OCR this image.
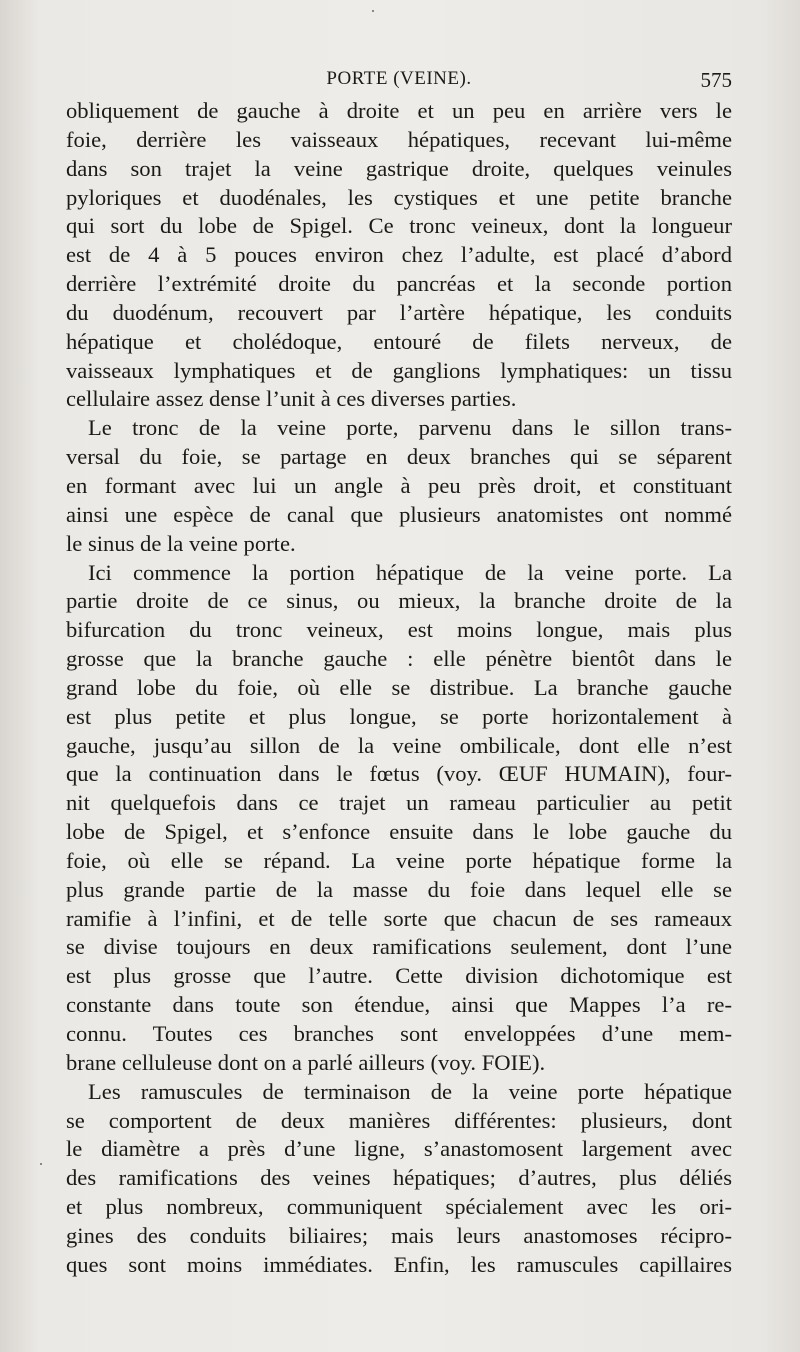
PORTE (VEINE).	575
obliquement de gauche à droite et un peu en arrière vers le
foie, derrière les vaisseaux hépatiques, recevant lui-même
dans son trajet la veine gastrique droite, quelques veinules
pyloriques et duodénales, les cystiques et une petite branche
qui sort du lobe de Spigel. Ce tronc veineux, dont la longueur
est de 4 à 5 pouces environ chez l’adulte, est placé d’abord
derrière l’extrémité droite du pancréas et la seconde portion
du duodénum, recouvert par l’artère hépatique, les conduits
hépatique et cholédoque, entouré de filets nerveux, de
vaisseaux lymphatiques et de ganglions lymphatiques: un tissu
cellulaire assez dense l’unit à ces diverses parties.
Le tronc de la veine porte, parvenu dans le sillon trans-
versal du foie, se partage en deux branches qui se séparent
en formant avec lui un angle à peu près droit, et constituant
ainsi une espèce de canal que plusieurs anatomistes ont nommé
le sinus de la veine porte.
Ici commence la portion hépatique de la veine porte. La
partie droite de ce sinus, ou mieux, la branche droite de la
bifurcation du tronc veineux, est moins longue, mais plus
grosse que la branche gauche : elle pénètre bientôt dans le
grand lobe du foie, où elle se distribue. La branche gauche
est plus petite et plus longue, se porte horizontalement à
gauche, jusqu’au sillon de la veine ombilicale, dont elle n’est
que la continuation dans le fœtus (voy. ŒUF HUMAIN), four-
nit quelquefois dans ce trajet un rameau particulier au petit
lobe de Spigel, et s’enfonce ensuite dans le lobe gauche du
foie, où elle se répand. La veine porte hépatique forme la
plus grande partie de la masse du foie dans lequel elle se
ramifie à l’infini, et de telle sorte que chacun de ses rameaux
se divise toujours en deux ramifications seulement, dont l’une
est plus grosse que l’autre. Cette division dichotomique est
constante dans toute son étendue, ainsi que Mappes l’a re-
connu. Toutes ces branches sont enveloppées d’une mem-
brane celluleuse dont on a parlé ailleurs (voy. FOIE).
Les ramuscules de terminaison de la veine porte hépatique
se comportent de deux manières différentes: plusieurs, dont
le diamètre a près d’une ligne, s’anastomosent largement avec
des ramifications des veines hépatiques; d’autres, plus déliés
et plus nombreux, communiquent spécialement avec les ori-
gines des conduits biliaires; mais leurs anastomoses récipro-
ques sont moins immédiates. Enfin, les ramuscules capillaires
